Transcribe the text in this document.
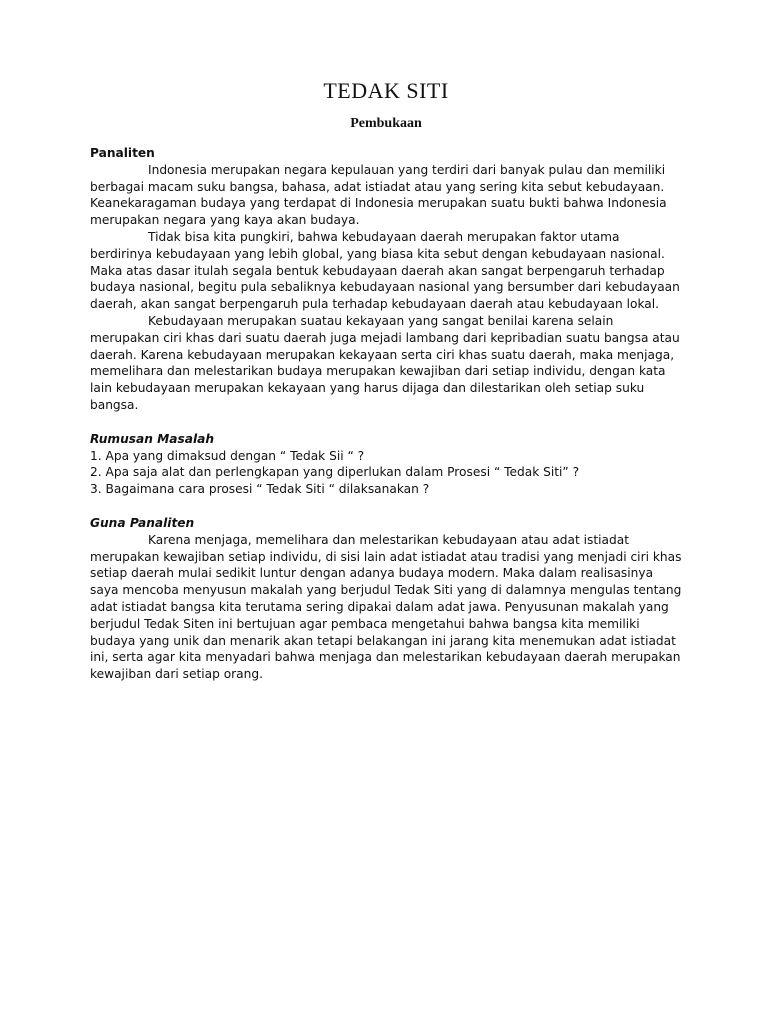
TEDAK SITI
Pembukaan
Panaliten

Indonesia merupakan negara kepulauan yang terdiri dari banyak pulau dan memiliki berbagai macam suku bangsa, bahasa, adat istiadat atau yang sering kita sebut kebudayaan. Keanekaragaman budaya yang terdapat di Indonesia merupakan suatu bukti bahwa Indonesia merupakan negara yang kaya akan budaya.

Tidak bisa kita pungkiri, bahwa kebudayaan daerah merupakan faktor utama berdirinya kebudayaan yang lebih global, yang biasa kita sebut dengan kebudayaan nasional. Maka atas dasar itulah segala bentuk kebudayaan daerah akan sangat berpengaruh terhadap budaya nasional, begitu pula sebaliknya kebudayaan nasional yang bersumber dari kebudayaan daerah, akan sangat berpengaruh pula terhadap kebudayaan daerah atau kebudayaan lokal.

Kebudayaan merupakan suatau kekayaan yang sangat benilai karena selain merupakan ciri khas dari suatu daerah juga mejadi lambang dari kepribadian suatu bangsa atau daerah. Karena kebudayaan merupakan kekayaan serta ciri khas suatu daerah, maka menjaga, memelihara dan melestarikan budaya merupakan kewajiban dari setiap individu, dengan kata lain kebudayaan merupakan kekayaan yang harus dijaga dan dilestarikan oleh setiap suku bangsa.

Rumusan Masalah
1. Apa yang dimaksud dengan “ Tedak Sii “ ?
2. Apa saja alat dan perlengkapan yang diperlukan dalam Prosesi “ Tedak Siti” ?
3. Bagaimana cara prosesi “ Tedak Siti “ dilaksanakan ?
Guna Panaliten

Karena menjaga, memelihara dan melestarikan kebudayaan atau adat istiadat merupakan kewajiban setiap individu, di sisi lain adat istiadat atau tradisi yang menjadi ciri khas setiap daerah mulai sedikit luntur dengan adanya budaya modern. Maka dalam realisasinya saya mencoba menyusun makalah yang berjudul Tedak Siti yang di dalamnya mengulas tentang adat istiadat bangsa kita terutama sering dipakai dalam adat jawa. Penyusunan makalah yang berjudul Tedak Siten ini bertujuan agar pembaca mengetahui bahwa bangsa kita memiliki budaya yang unik dan menarik akan tetapi belakangan ini jarang kita menemukan adat istiadat ini, serta agar kita menyadari bahwa menjaga dan melestarikan kebudayaan daerah merupakan kewajiban dari setiap orang.
